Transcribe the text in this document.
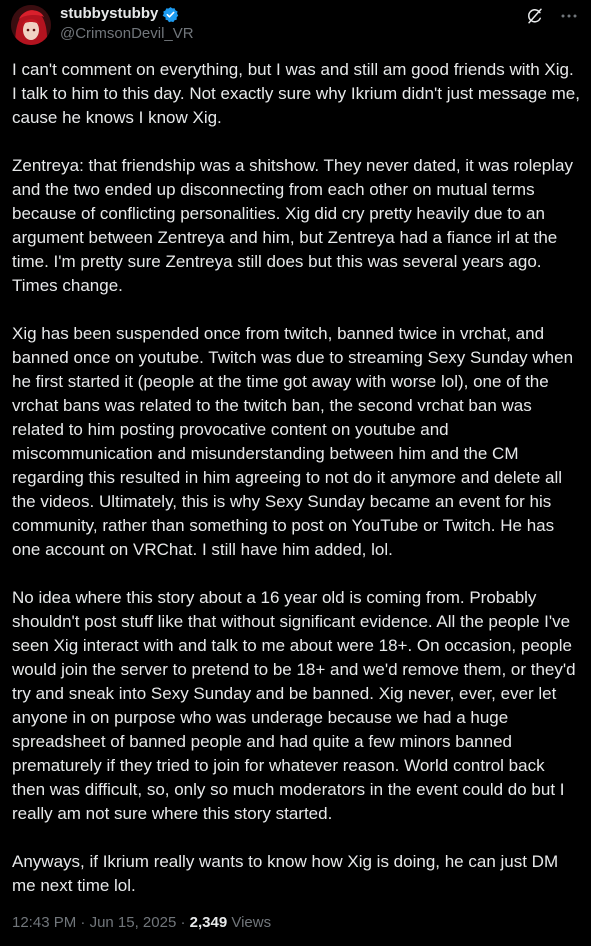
stubbystubby
@CrimsonDevil_VR

I can't comment on everything, but I was and still am good friends with Xig. I talk to him to this day. Not exactly sure why Ikrium didn't just message me, cause he knows I know Xig.

Zentreya: that friendship was a shitshow. They never dated, it was roleplay and the two ended up disconnecting from each other on mutual terms because of conflicting personalities. Xig did cry pretty heavily due to an argument between Zentreya and him, but Zentreya had a fiance irl at the time. I'm pretty sure Zentreya still does but this was several years ago. Times change.

Xig has been suspended once from twitch, banned twice in vrchat, and banned once on youtube. Twitch was due to streaming Sexy Sunday when he first started it (people at the time got away with worse lol), one of the vrchat bans was related to the twitch ban, the second vrchat ban was related to him posting provocative content on youtube and miscommunication and misunderstanding between him and the CM regarding this resulted in him agreeing to not do it anymore and delete all the videos. Ultimately, this is why Sexy Sunday became an event for his community, rather than something to post on YouTube or Twitch. He has one account on VRChat. I still have him added, lol.

No idea where this story about a 16 year old is coming from. Probably shouldn't post stuff like that without significant evidence. All the people I've seen Xig interact with and talk to me about were 18+. On occasion, people would join the server to pretend to be 18+ and we'd remove them, or they'd try and sneak into Sexy Sunday and be banned. Xig never, ever, ever let anyone in on purpose who was underage because we had a huge spreadsheet of banned people and had quite a few minors banned prematurely if they tried to join for whatever reason. World control back then was difficult, so, only so much moderators in the event could do but I really am not sure where this story started.

Anyways, if Ikrium really wants to know how Xig is doing, he can just DM me next time lol.

12:43 PM · Jun 15, 2025 · 2,349 Views
